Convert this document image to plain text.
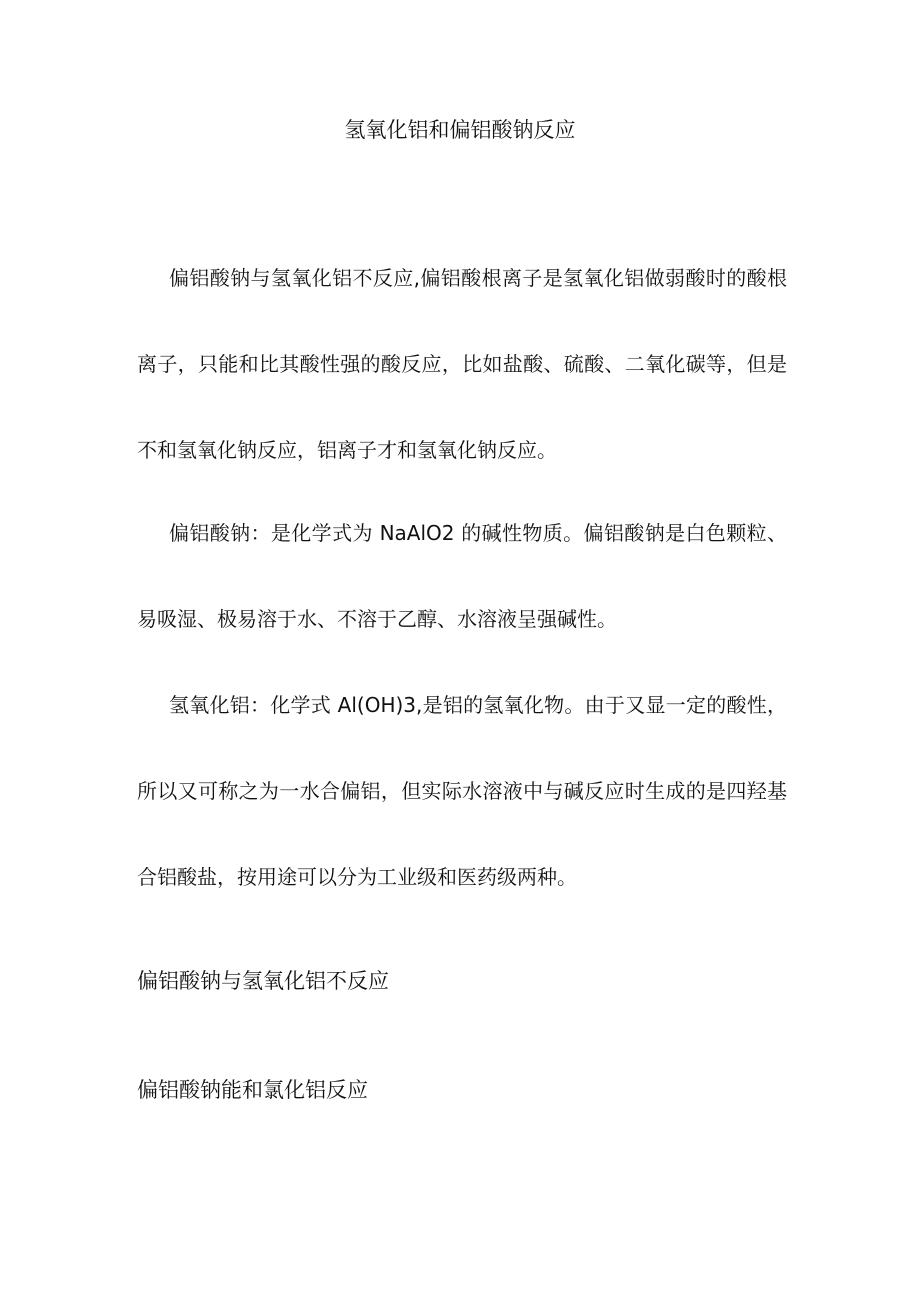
氢氧化铝和偏铝酸钠反应

偏铝酸钠与氢氧化铝不反应,偏铝酸根离子是氢氧化铝做弱酸时的酸根离子，只能和比其酸性强的酸反应，比如盐酸、硫酸、二氧化碳等，但是不和氢氧化钠反应，铝离子才和氢氧化钠反应。

偏铝酸钠：是化学式为 NaAlO2 的碱性物质。偏铝酸钠是白色颗粒、易吸湿、极易溶于水、不溶于乙醇、水溶液呈强碱性。

氢氧化铝：化学式 Al(OH)3,是铝的氢氧化物。由于又显一定的酸性，所以又可称之为一水合偏铝，但实际水溶液中与碱反应时生成的是四羟基合铝酸盐，按用途可以分为工业级和医药级两种。

偏铝酸钠与氢氧化铝不反应

偏铝酸钠能和氯化铝反应
